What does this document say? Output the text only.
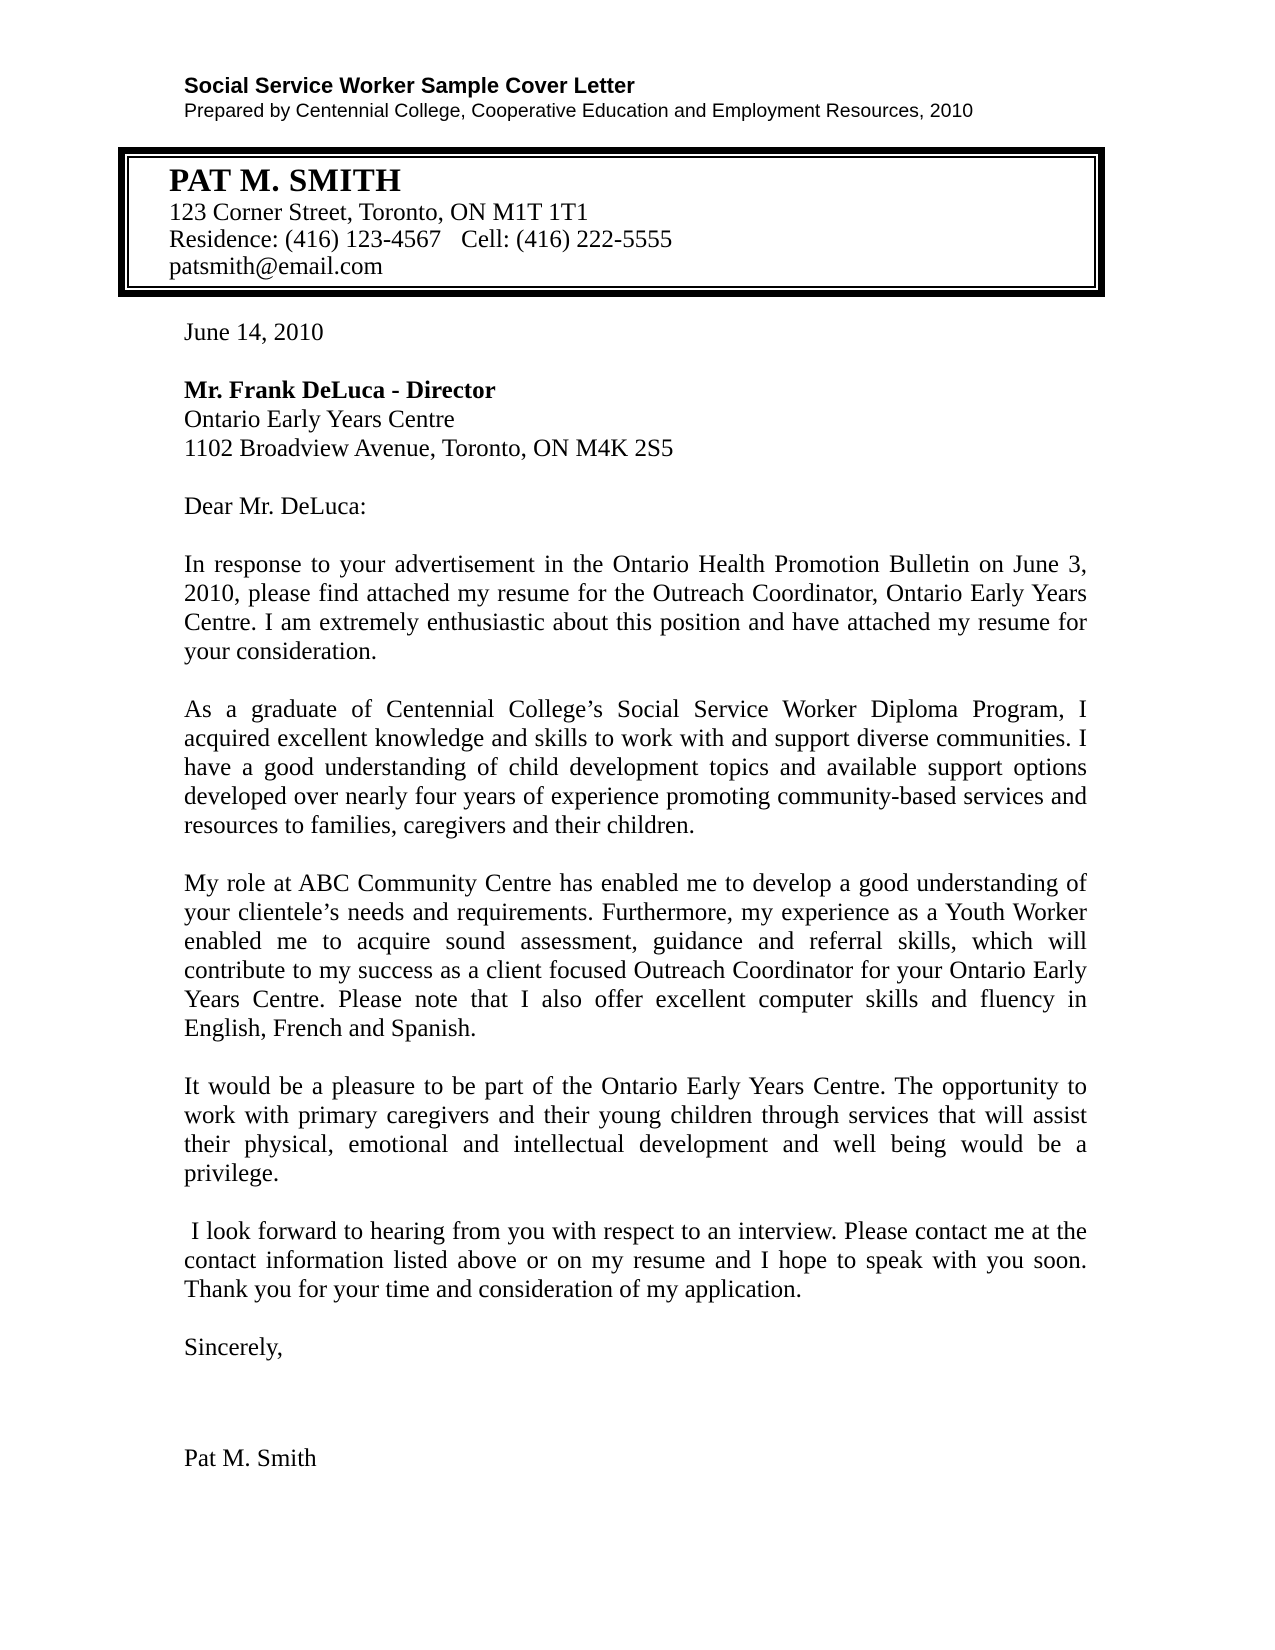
Social Service Worker Sample Cover Letter
Prepared by Centennial College, Cooperative Education and Employment Resources, 2010
PAT M. SMITH
123 Corner Street, Toronto, ON M1T 1T1
Residence: (416) 123-4567 Cell: (416) 222-5555
patsmith@email.com

June 14, 2010

Mr. Frank DeLuca - Director
Ontario Early Years Centre
1102 Broadview Avenue, Toronto, ON M4K 2S5

Dear Mr. DeLuca:

In response to your advertisement in the Ontario Health Promotion Bulletin on June 3, 2010, please find attached my resume for the Outreach Coordinator, Ontario Early Years Centre. I am extremely enthusiastic about this position and have attached my resume for your consideration.

As a graduate of Centennial College’s Social Service Worker Diploma Program, I acquired excellent knowledge and skills to work with and support diverse communities. I have a good understanding of child development topics and available support options developed over nearly four years of experience promoting community-based services and resources to families, caregivers and their children.

My role at ABC Community Centre has enabled me to develop a good understanding of your clientele’s needs and requirements. Furthermore, my experience as a Youth Worker enabled me to acquire sound assessment, guidance and referral skills, which will contribute to my success as a client focused Outreach Coordinator for your Ontario Early Years Centre. Please note that I also offer excellent computer skills and fluency in English, French and Spanish.

It would be a pleasure to be part of the Ontario Early Years Centre. The opportunity to work with primary caregivers and their young children through services that will assist their physical, emotional and intellectual development and well being would be a privilege.

I look forward to hearing from you with respect to an interview. Please contact me at the contact information listed above or on my resume and I hope to speak with you soon. Thank you for your time and consideration of my application.

Sincerely,

Pat M. Smith
